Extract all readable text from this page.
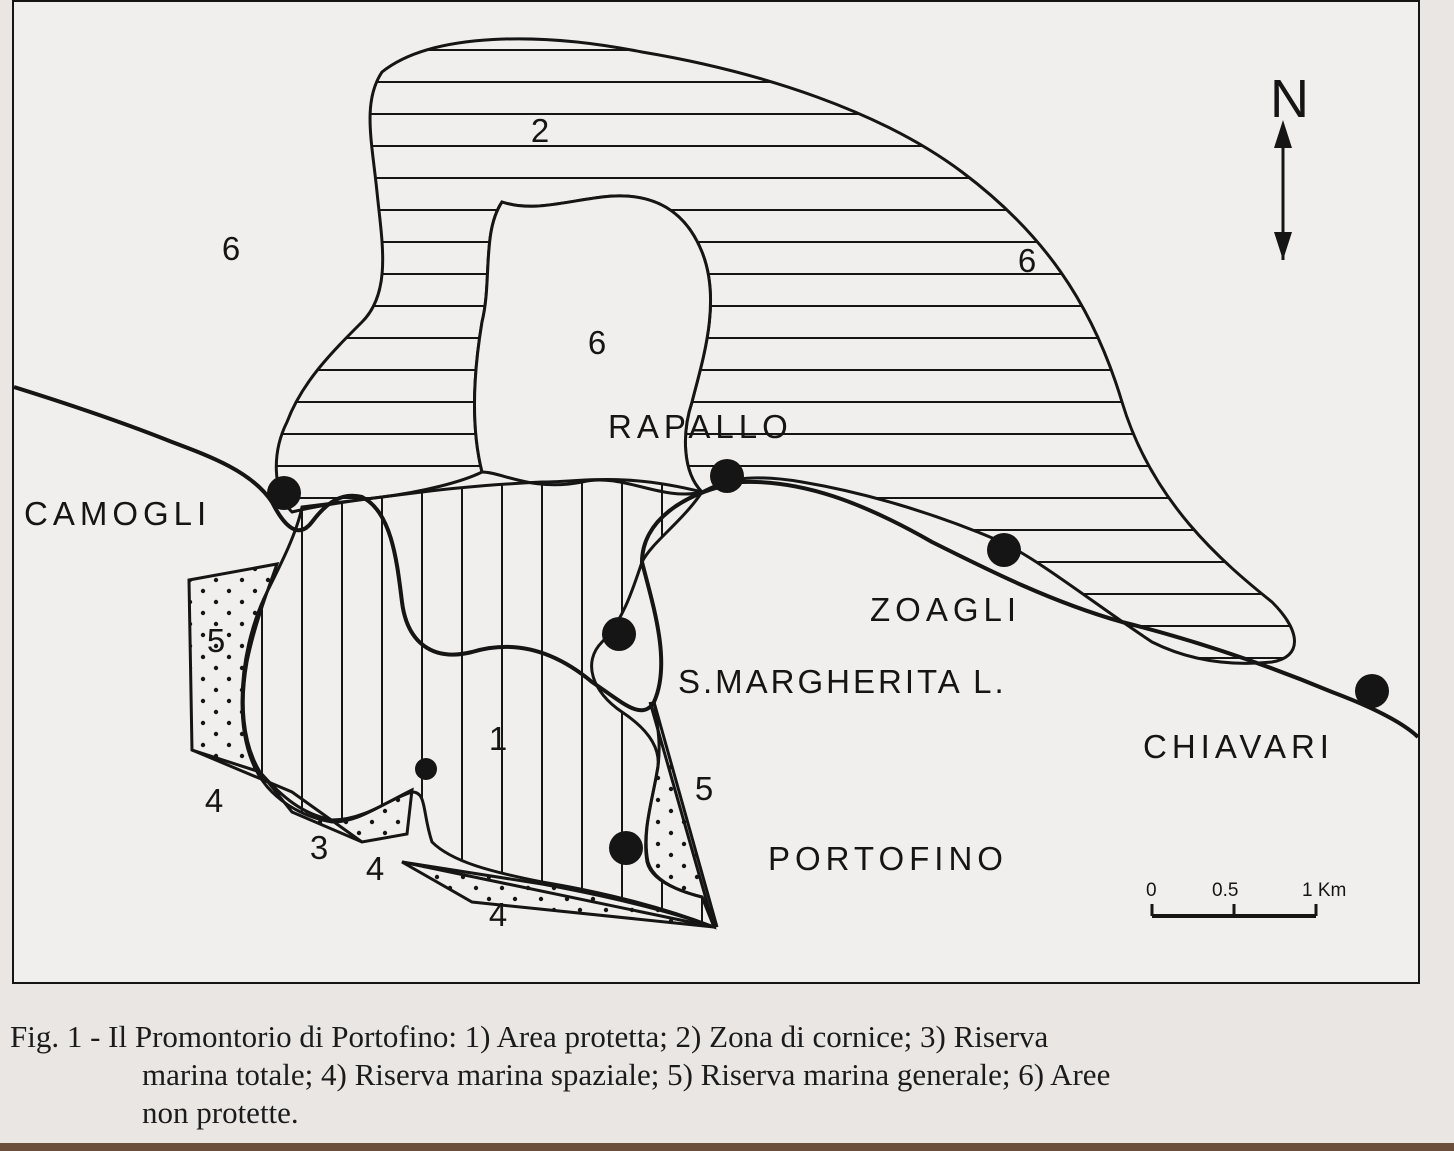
N
RAPALLO
CAMOGLI
ZOAGLI
S.MARGHERITA L.
CHIAVARI
PORTOFINO
2
6	6
6
5
1
5
4
3
4
4
0	0.5	1 Km
Fig. 1 - Il Promontorio di Portofino: 1) Area protetta; 2) Zona di cornice; 3) Riserva
marina totale; 4) Riserva marina spaziale; 5) Riserva marina generale; 6) Aree
non protette.
